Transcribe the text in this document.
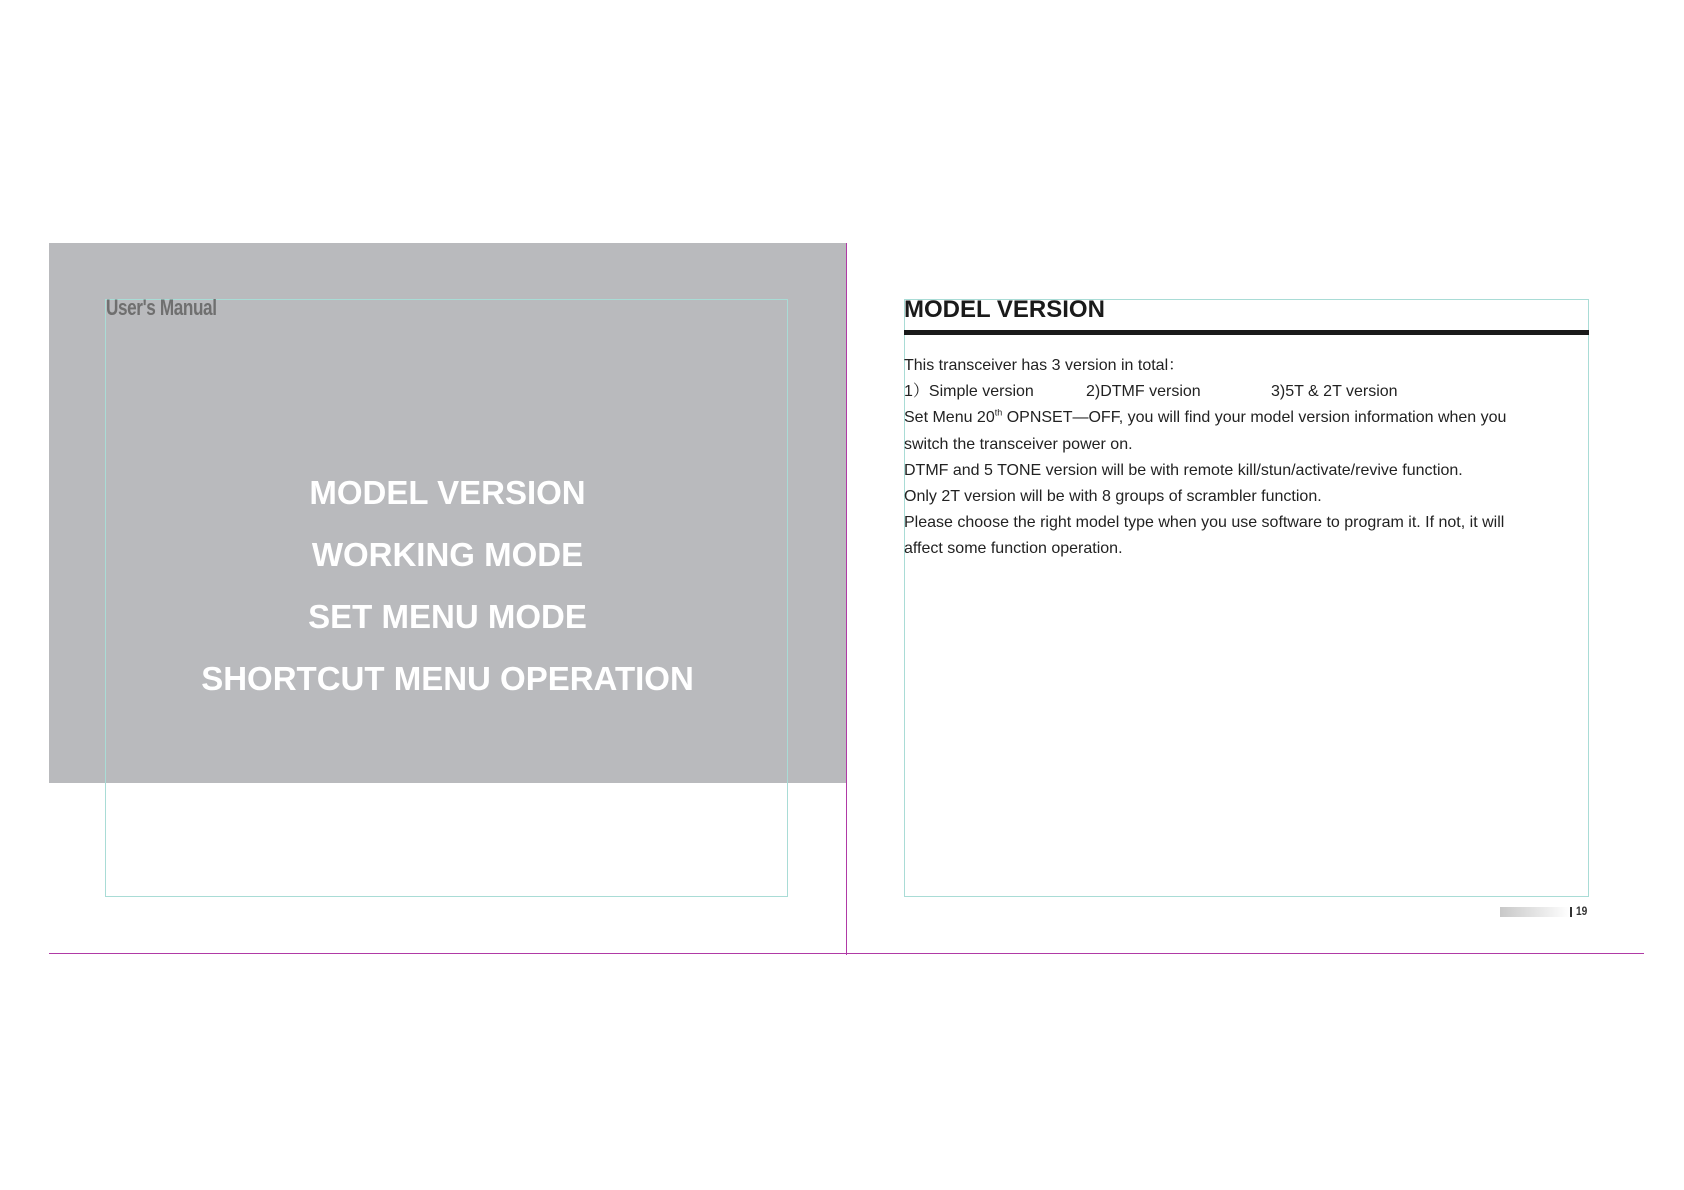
User's Manual
MODEL VERSION
WORKING MODE
SET MENU MODE
SHORTCUT MENU OPERATION
MODEL VERSION
This transceiver has 3 version in total：
1）Simple version	2)DTMF version	3)5T & 2T version
Set Menu 20th OPNSET—OFF, you will find your model version information when you
switch the transceiver power on.
DTMF and 5 TONE version will be with remote kill/stun/activate/revive function.
Only 2T version will be with 8 groups of scrambler function.
Please choose the right model type when you use software to program it. If not, it will
affect some function operation.
19
